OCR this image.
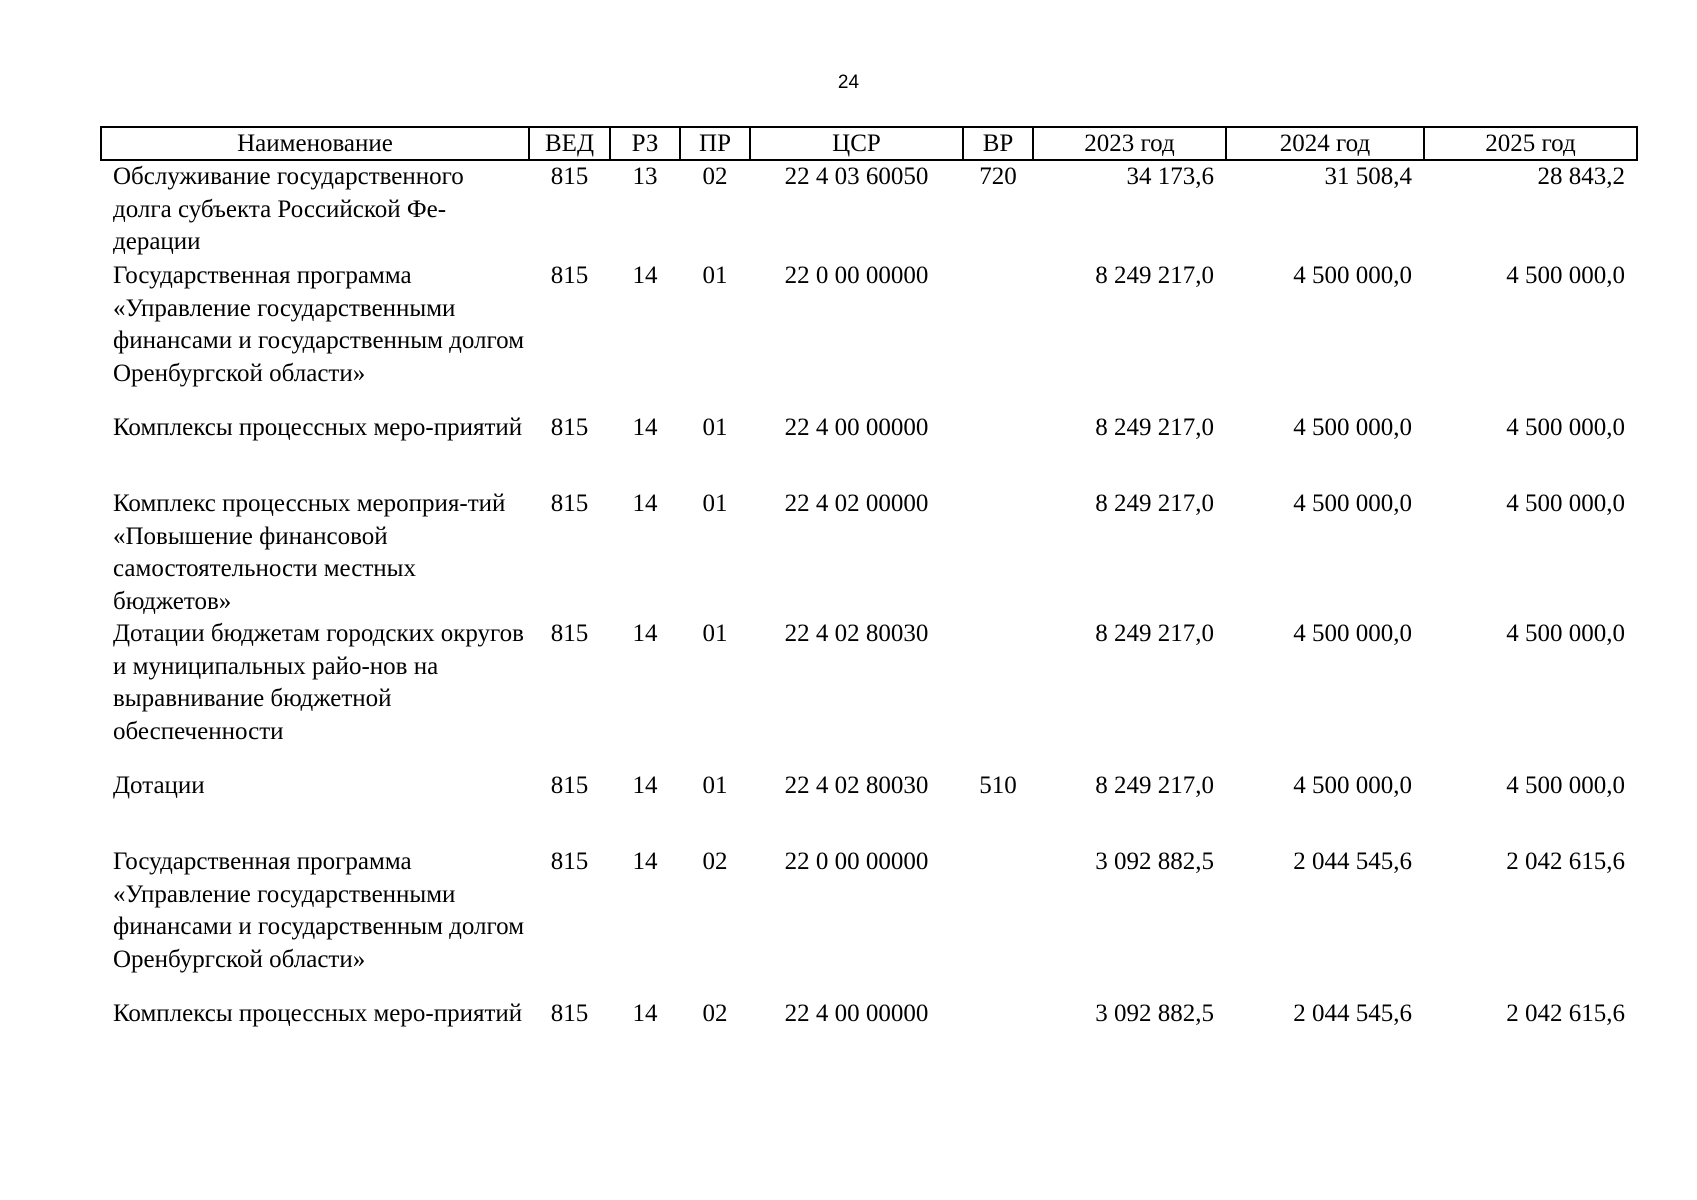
24
Наименование	ВЕД	РЗ	ПР	ЦСР	ВР	2023 год	2024 год	2025 год
Обслуживание государственного долга субъекта Российской Фе-дерации	815	13	02	22 4 03 60050	720	34 173,6	31 508,4	28 843,2
Государственная программа «Управление государственными финансами и государственным долгом Оренбургской области»	815	14	01	22 0 00 00000		8 249 217,0	4 500 000,0	4 500 000,0
Комплексы процессных меро-приятий	815	14	01	22 4 00 00000		8 249 217,0	4 500 000,0	4 500 000,0
Комплекс процессных мероприя-тий «Повышение финансовой самостоятельности местных бюджетов»	815	14	01	22 4 02 00000		8 249 217,0	4 500 000,0	4 500 000,0
Дотации бюджетам городских округов и муниципальных райо-нов на выравнивание бюджетной обеспеченности	815	14	01	22 4 02 80030		8 249 217,0	4 500 000,0	4 500 000,0
Дотации	815	14	01	22 4 02 80030	510	8 249 217,0	4 500 000,0	4 500 000,0
Государственная программа «Управление государственными финансами и государственным долгом Оренбургской области»	815	14	02	22 0 00 00000		3 092 882,5	2 044 545,6	2 042 615,6
Комплексы процессных меро-приятий	815	14	02	22 4 00 00000		3 092 882,5	2 044 545,6	2 042 615,6
